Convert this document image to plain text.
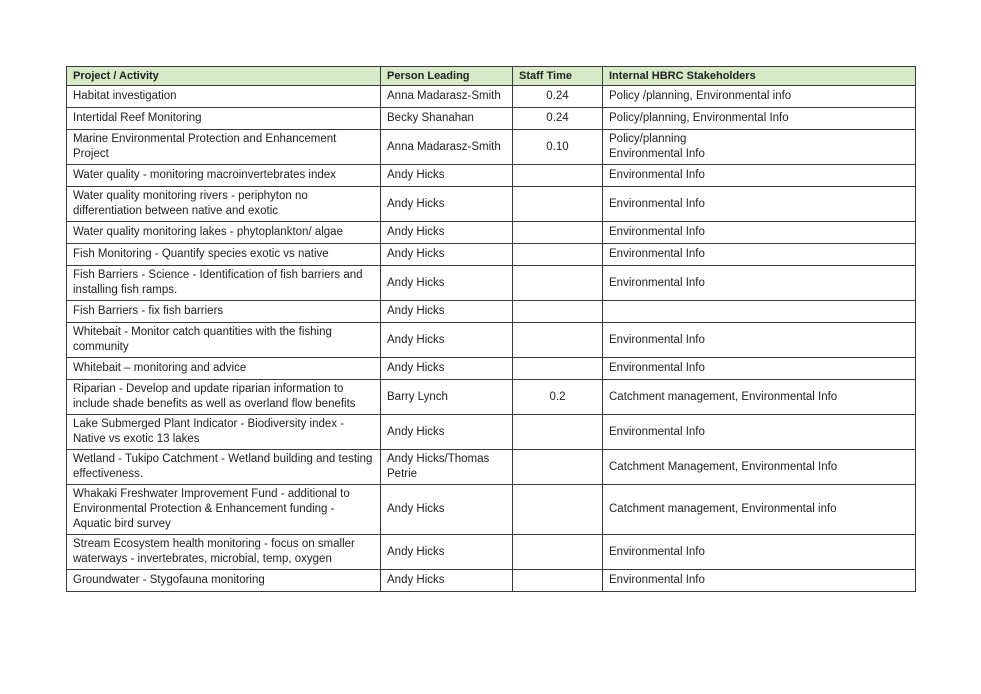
Project / Activity	Person Leading	Staff Time	Internal HBRC Stakeholders
Habitat investigation	Anna Madarasz-Smith	0.24	Policy /planning, Environmental info
Intertidal Reef Monitoring	Becky Shanahan	0.24	Policy/planning, Environmental Info
Marine Environmental Protection and Enhancement Project	Anna Madarasz-Smith	0.10	Policy/planning
Environmental Info

Water quality - monitoring macroinvertebrates index	Andy Hicks		Environmental Info
Water quality monitoring rivers - periphyton no differentiation between native and exotic	Andy Hicks		Environmental Info
Water quality monitoring lakes - phytoplankton/ algae	Andy Hicks		Environmental Info
Fish Monitoring - Quantify species exotic vs native	Andy Hicks		Environmental Info
Fish Barriers - Science - Identification of fish barriers and installing fish ramps.	Andy Hicks		Environmental Info
Fish Barriers - fix fish barriers	Andy Hicks		
Whitebait - Monitor catch quantities with the fishing community	Andy Hicks		Environmental Info
Whitebait – monitoring and advice	Andy Hicks		Environmental Info
Riparian - Develop and update riparian information to include shade benefits as well as overland flow benefits	Barry Lynch	0.2	Catchment management, Environmental Info
Lake Submerged Plant Indicator - Biodiversity index - Native vs exotic 13 lakes	Andy Hicks		Environmental Info
Wetland - Tukipo Catchment - Wetland building and testing effectiveness.	Andy Hicks/Thomas Petrie		Catchment Management, Environmental Info
Whakaki Freshwater Improvement Fund - additional to Environmental Protection & Enhancement funding - Aquatic bird survey	Andy Hicks		Catchment management, Environmental info
Stream Ecosystem health monitoring - focus on smaller waterways - invertebrates, microbial, temp, oxygen	Andy Hicks		Environmental Info
Groundwater - Stygofauna monitoring	Andy Hicks		Environmental Info
